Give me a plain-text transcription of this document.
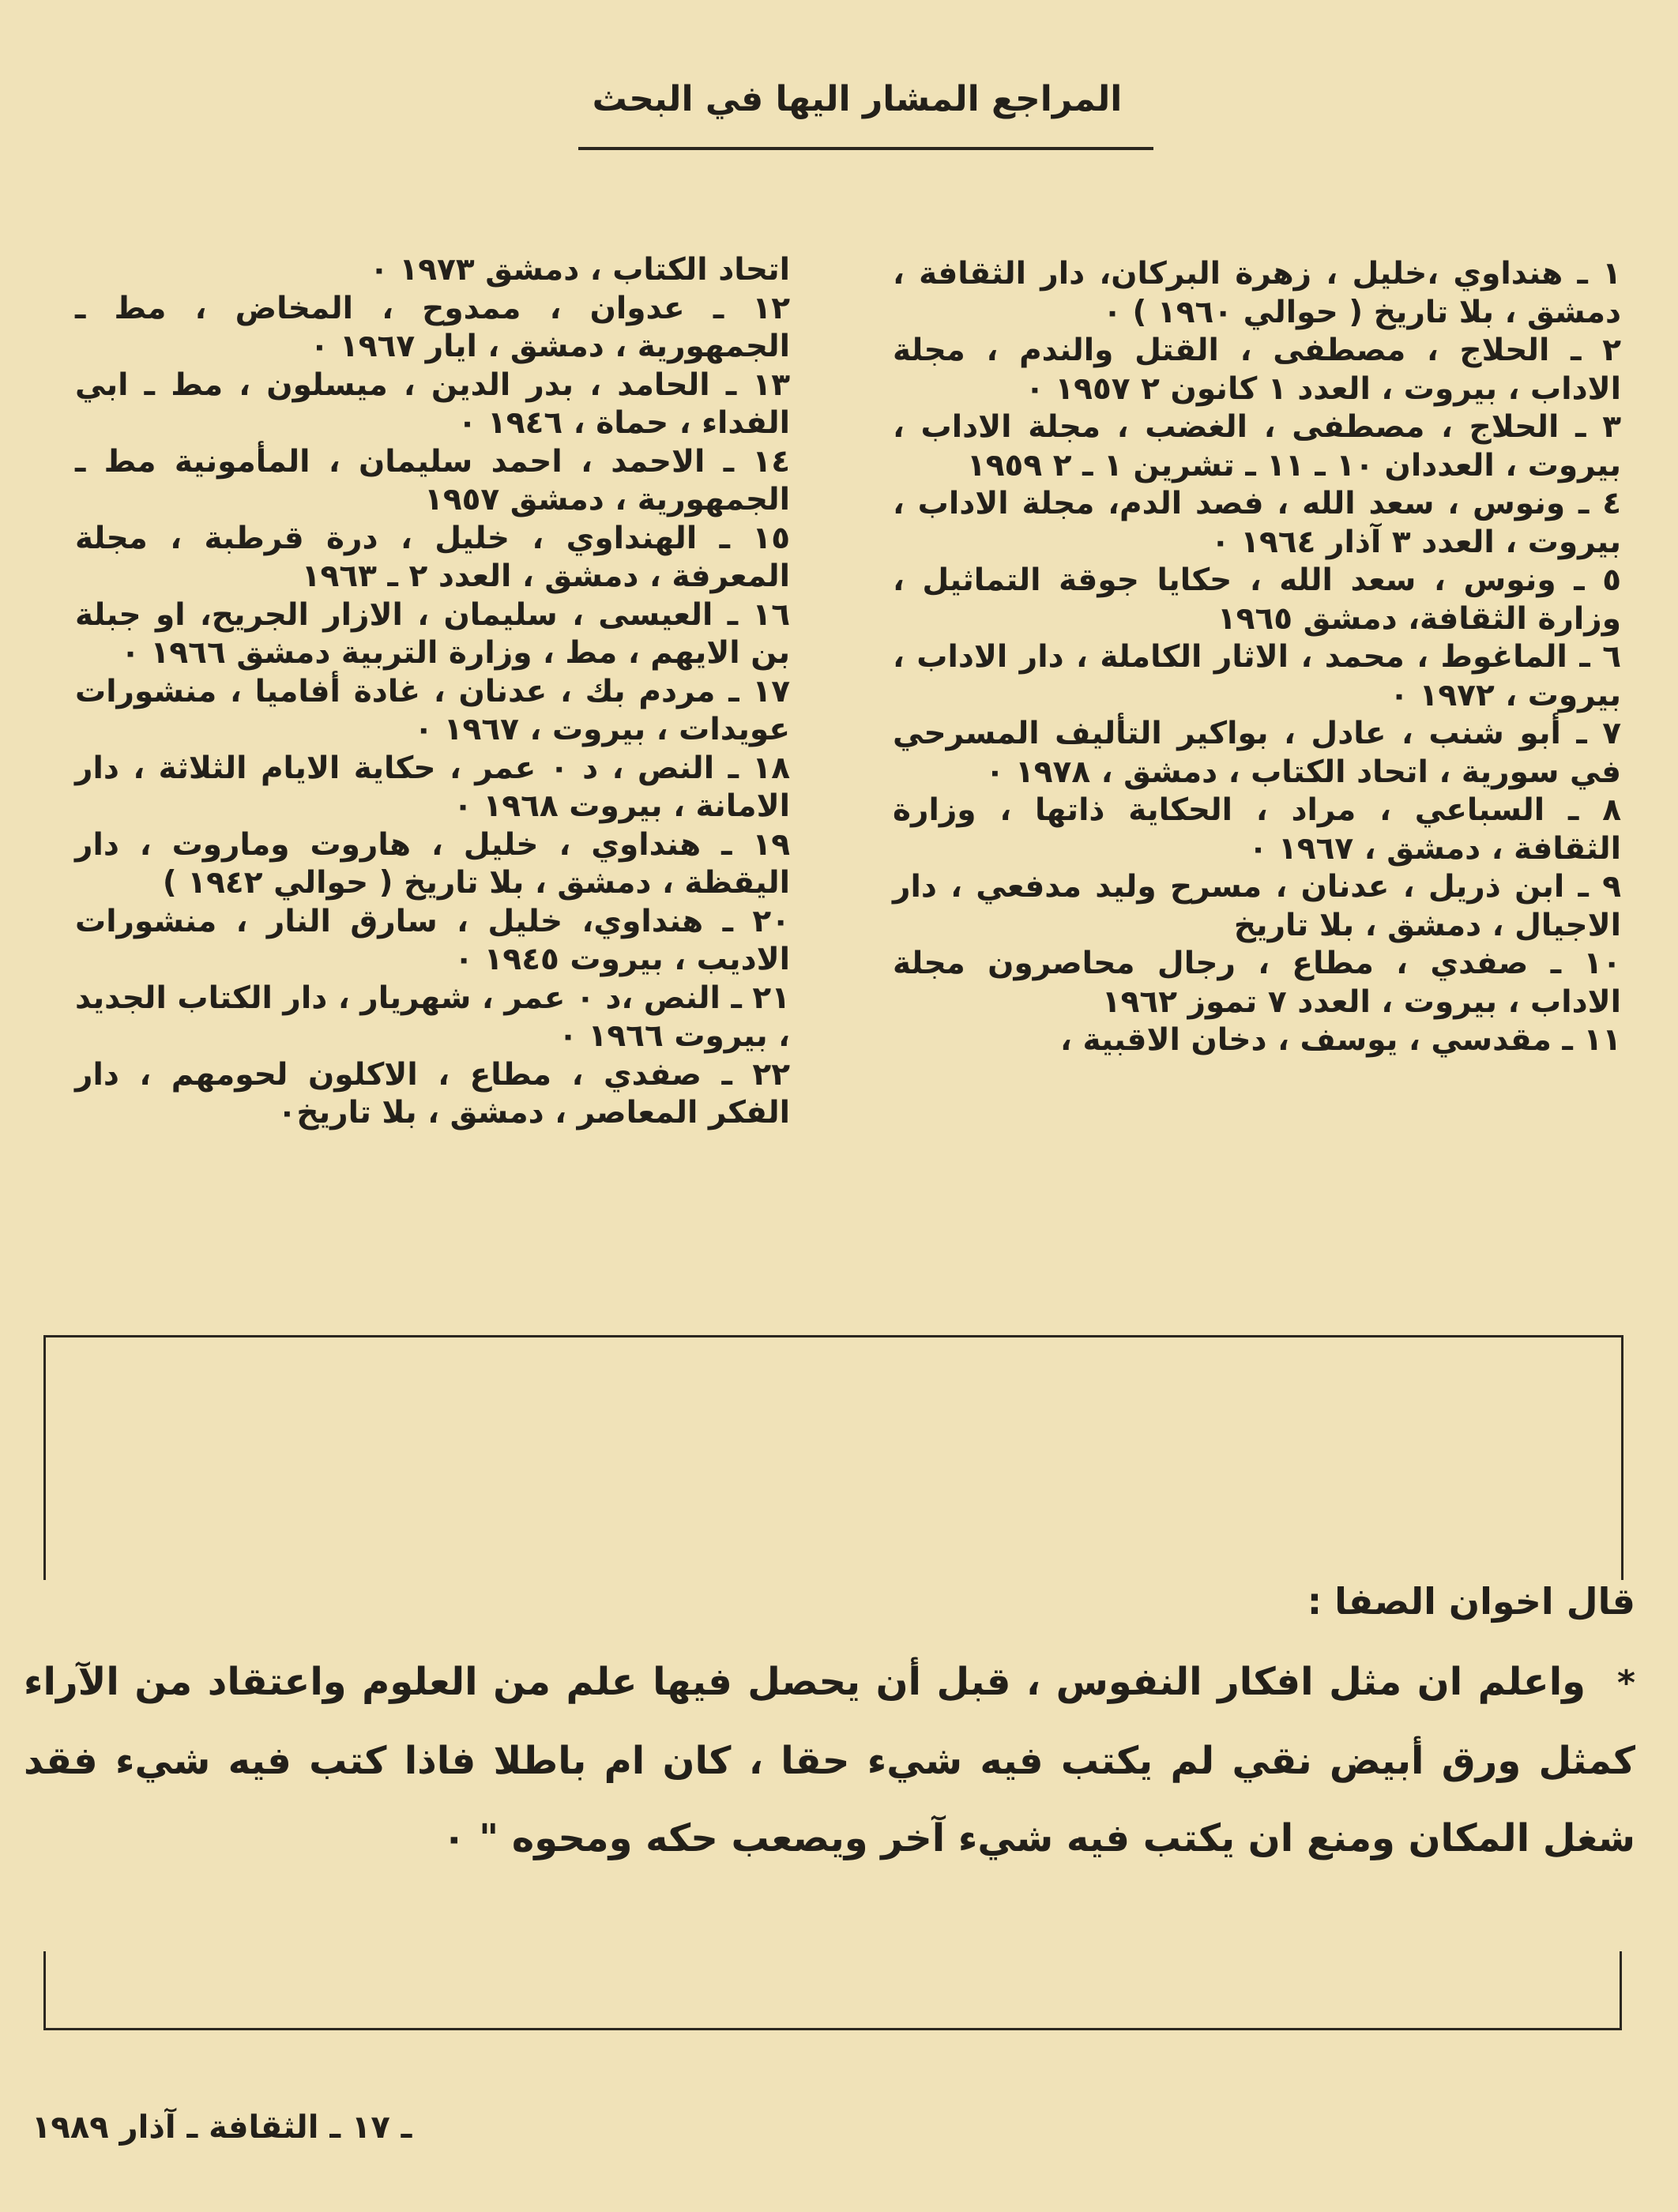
المراجع المشار اليها في البحث

١ ـ هنداوي ،خليل ، زهرة البركان، دار الثقافة ، دمشق ، بلا تاريخ ( حوالي ١٩٦٠ ) ٠

٢ ـ الحلاج ، مصطفى ، القتل والندم ، مجلة الاداب ، بيروت ، العدد ١ كانون ٢ ١٩٥٧ ٠

٣ ـ الحلاج ، مصطفى ، الغضب ، مجلة الاداب ، بيروت ، العددان ١٠ ـ ١١ ـ تشرين ١ ـ ٢ ١٩٥٩

٤ ـ ونوس ، سعد الله ، فصد الدم، مجلة الاداب ، بيروت ، العدد ٣ آذار ١٩٦٤ ٠

٥ ـ ونوس ، سعد الله ، حكايا جوقة التماثيل ، وزارة الثقافة، دمشق ١٩٦٥

٦ ـ الماغوط ، محمد ، الاثار الكاملة ، دار الاداب ، بيروت ، ١٩٧٢ ٠

٧ ـ أبو شنب ، عادل ، بواكير التأليف المسرحي في سورية ، اتحاد الكتاب ، دمشق ، ١٩٧٨ ٠

٨ ـ السباعي ، مراد ، الحكاية ذاتها ، وزارة الثقافة ، دمشق ، ١٩٦٧ ٠

٩ ـ ابن ذريل ، عدنان ، مسرح وليد مدفعي ، دار الاجيال ، دمشق ، بلا تاريخ

١٠ ـ صفدي ، مطاع ، رجال محاصرون مجلة الاداب ، بيروت ، العدد ٧ تموز ١٩٦٢

١١ ـ مقدسي ، يوسف ، دخان الاقبية ،

اتحاد الكتاب ، دمشق ١٩٧٣ ٠

١٢ ـ عدوان ، ممدوح ، المخاض ، مط ـ الجمهورية ، دمشق ، ايار ١٩٦٧ ٠

١٣ ـ الحامد ، بدر الدين ، ميسلون ، مط ـ ابي الفداء ، حماة ، ١٩٤٦ ٠

١٤ ـ الاحمد ، احمد سليمان ، المأمونية مط ـ الجمهورية ، دمشق ١٩٥٧

١٥ ـ الهنداوي ، خليل ، درة قرطبة ، مجلة المعرفة ، دمشق ، العدد ٢ ـ ١٩٦٣

١٦ ـ العيسى ، سليمان ، الازار الجريح، او جبلة بن الايهم ، مط ، وزارة التربية دمشق ١٩٦٦ ٠

١٧ ـ مردم بك ، عدنان ، غادة أفاميا ، منشورات عويدات ، بيروت ، ١٩٦٧ ٠

١٨ ـ النص ، د ٠ عمر ، حكاية الايام الثلاثة ، دار الامانة ، بيروت ١٩٦٨ ٠

١٩ ـ هنداوي ، خليل ، هاروت وماروت ، دار اليقظة ، دمشق ، بلا تاريخ ( حوالي ١٩٤٢ )

٢٠ ـ هنداوي، خليل ، سارق النار ، منشورات الاديب ، بيروت ١٩٤٥ ٠

٢١ ـ النص ،د ٠ عمر ، شهريار ، دار الكتاب الجديد ، بيروت ١٩٦٦ ٠

٢٢ ـ صفدي ، مطاع ، الاكلون لحومهم ، دار الفكر المعاصر ، دمشق ، بلا تاريخ٠

قال اخوان الصفا :
*واعلم ان مثل افكار النفوس ، قبل أن يحصل فيها علم من العلوم واعتقاد من الآراء كمثل ورق أبيض نقي لم يكتب فيه شيء حقا ، كان ام باطلا فاذا كتب فيه شيء فقد شغل المكان ومنع ان يكتب فيه شيء آخر ويصعب حكه ومحوه " ٠
ـ ١٧ ـ الثقافة ـ آذار ١٩٨٩
